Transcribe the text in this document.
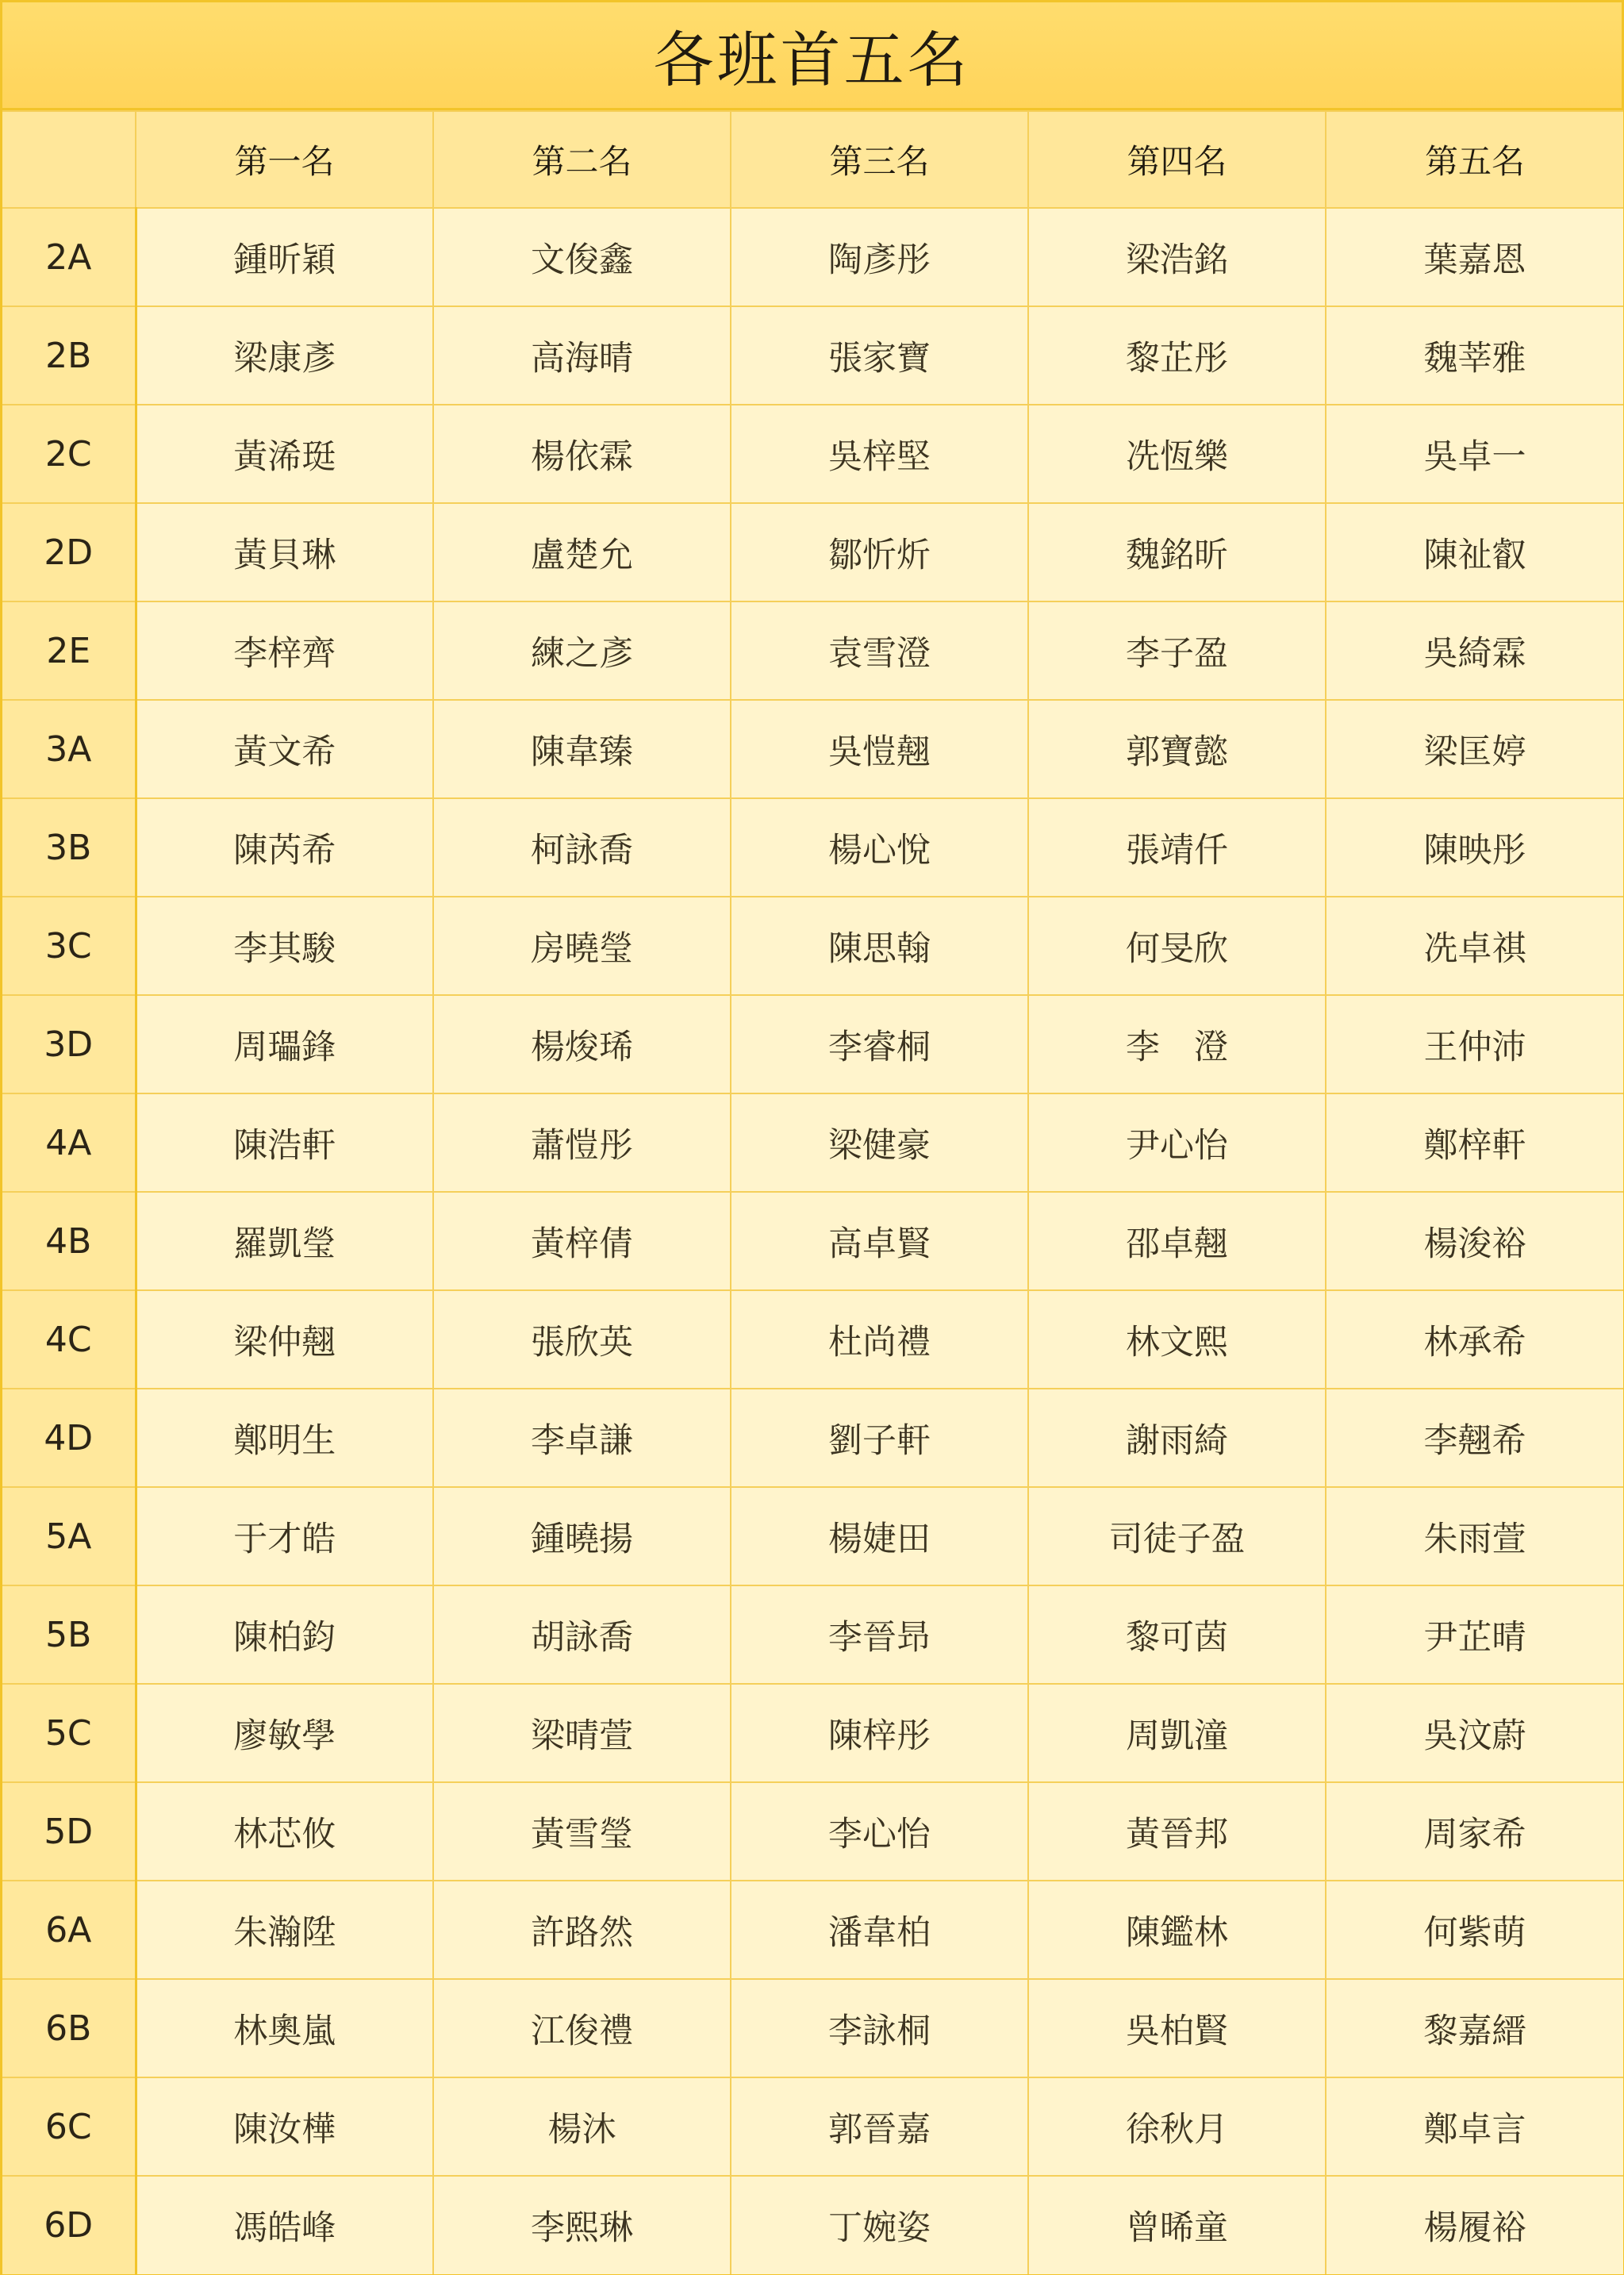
各班首五名
	第一名	第二名	第三名	第四名	第五名
2A	鍾昕穎	文俊鑫	陶彥彤	梁浩銘	葉嘉恩
2B	梁康彥	高海晴	張家寶	黎芷彤	魏莘雅
2C	黃浠珽	楊依霖	吳梓堅	冼恆樂	吳卓一
2D	黃貝琳	盧楚允	鄒忻炘	魏銘昕	陳祉叡
2E	李梓齊	練之彥	袁雪澄	李子盈	吳綺霖
3A	黃文希	陳韋臻	吳愷翹	郭寶懿	梁匡婷
3B	陳芮希	柯詠喬	楊心悅	張靖仟	陳映彤
3C	李其駿	房曉瑩	陳思翰	何旻欣	冼卓祺
3D	周瓃鋒	楊焌琋	李睿桐	李　澄	王仲沛
4A	陳浩軒	蕭愷彤	梁健豪	尹心怡	鄭梓軒
4B	羅凱瑩	黃梓倩	高卓賢	邵卓翹	楊浚裕
4C	梁仲翹	張欣英	杜尚禮	林文熙	林承希
4D	鄭明生	李卓謙	劉子軒	謝雨綺	李翹希
5A	于才皓	鍾曉揚	楊婕田	司徒子盈	朱雨萱
5B	陳柏鈞	胡詠喬	李晉昻	黎可茵	尹芷晴
5C	廖敏學	梁晴萱	陳梓彤	周凱潼	吳汶蔚
5D	林芯攸	黃雪瑩	李心怡	黃晉邦	周家希
6A	朱瀚陞	許路然	潘韋柏	陳鑑林	何紫萌
6B	林奧嵐	江俊禮	李詠桐	吳柏賢	黎嘉縉
6C	陳汝樺	楊沐	郭晉嘉	徐秋月	鄭卓言
6D	馮皓峰	李熙琳	丁婉姿	曾晞童	楊履裕
